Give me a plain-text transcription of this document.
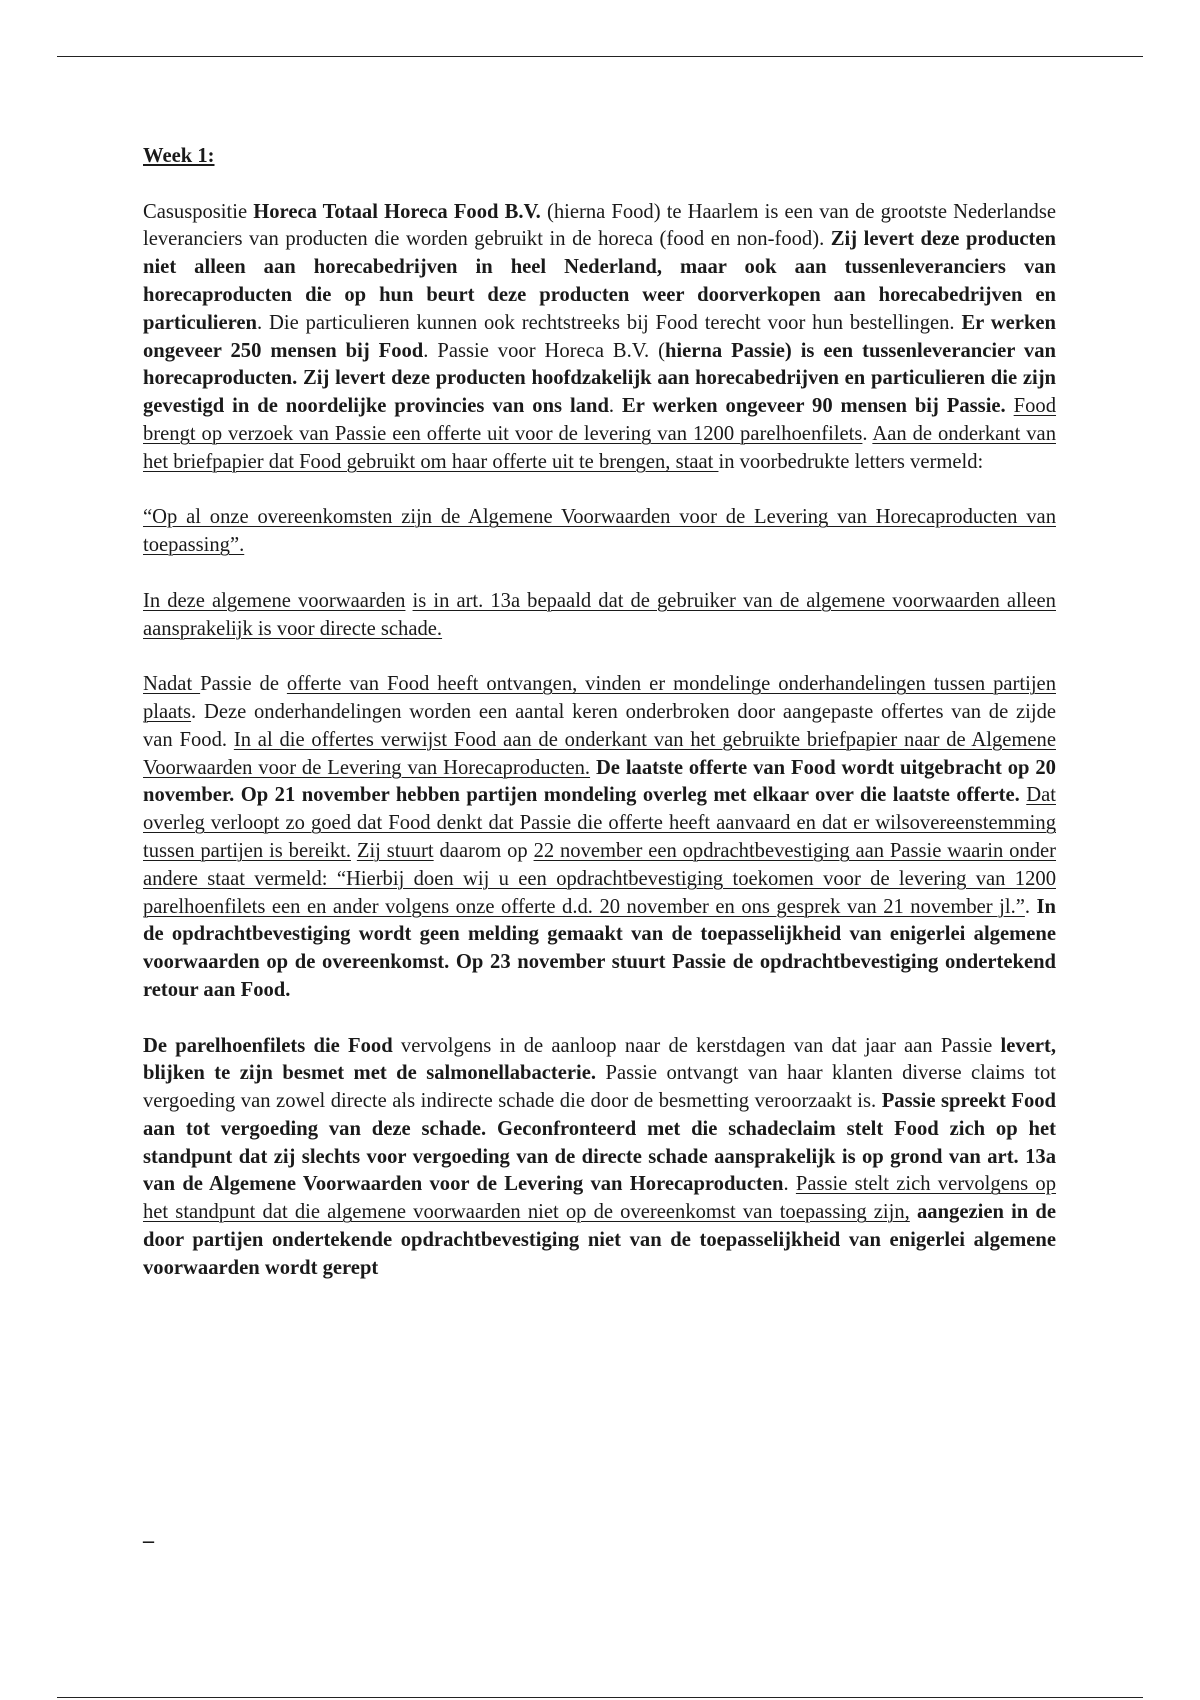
Week 1:

Casuspositie Horeca Totaal Horeca Food B.V. (hierna Food) te Haarlem is een van de grootste Nederlandse leveranciers van producten die worden gebruikt in de horeca (food en non-food). Zij levert deze producten niet alleen aan horecabedrijven in heel Nederland, maar ook aan tussenleveranciers van horecaproducten die op hun beurt deze producten weer doorverkopen aan horecabedrijven en particulieren. Die particulieren kunnen ook rechtstreeks bij Food terecht voor hun bestellingen. Er werken ongeveer 250 mensen bij Food. Passie voor Horeca B.V. (hierna Passie) is een tussenleverancier van horecaproducten. Zij levert deze producten hoofdzakelijk aan horecabedrijven en particulieren die zijn gevestigd in de noordelijke provincies van ons land. Er werken ongeveer 90 mensen bij Passie. Food brengt op verzoek van Passie een offerte uit voor de levering van 1200 parelhoenfilets. Aan de onderkant van het briefpapier dat Food gebruikt om haar offerte uit te brengen, staat in voorbedrukte letters vermeld:

“Op al onze overeenkomsten zijn de Algemene Voorwaarden voor de Levering van Horecaproducten van toepassing”.

In deze algemene voorwaarden is in art. 13a bepaald dat de gebruiker van de algemene voorwaarden alleen aansprakelijk is voor directe schade.

Nadat Passie de offerte van Food heeft ontvangen, vinden er mondelinge onderhandelingen tussen partijen plaats. Deze onderhandelingen worden een aantal keren onderbroken door aangepaste offertes van de zijde van Food. In al die offertes verwijst Food aan de onderkant van het gebruikte briefpapier naar de Algemene Voorwaarden voor de Levering van Horecaproducten. De laatste offerte van Food wordt uitgebracht op 20 november. Op 21 november hebben partijen mondeling overleg met elkaar over die laatste offerte. Dat overleg verloopt zo goed dat Food denkt dat Passie die offerte heeft aanvaard en dat er wilsovereenstemming tussen partijen is bereikt. Zij stuurt daarom op 22 november een opdrachtbevestiging aan Passie waarin onder andere staat vermeld: “Hierbij doen wij u een opdrachtbevestiging toekomen voor de levering van 1200 parelhoenfilets een en ander volgens onze offerte d.d. 20 november en ons gesprek van 21 november jl.”. In de opdrachtbevestiging wordt geen melding gemaakt van de toepasselijkheid van enigerlei algemene voorwaarden op de overeenkomst. Op 23 november stuurt Passie de opdrachtbevestiging ondertekend retour aan Food.

De parelhoenfilets die Food vervolgens in de aanloop naar de kerstdagen van dat jaar aan Passie levert, blijken te zijn besmet met de salmonellabacterie. Passie ontvangt van haar klanten diverse claims tot vergoeding van zowel directe als indirecte schade die door de besmetting veroorzaakt is. Passie spreekt Food aan tot vergoeding van deze schade. Geconfronteerd met die schadeclaim stelt Food zich op het standpunt dat zij slechts voor vergoeding van de directe schade aansprakelijk is op grond van art. 13a van de Algemene Voorwaarden voor de Levering van Horecaproducten. Passie stelt zich vervolgens op het standpunt dat die algemene voorwaarden niet op de overeenkomst van toepassing zijn, aangezien in de door partijen ondertekende opdrachtbevestiging niet van de toepasselijkheid van enigerlei algemene voorwaarden wordt gerept

_
